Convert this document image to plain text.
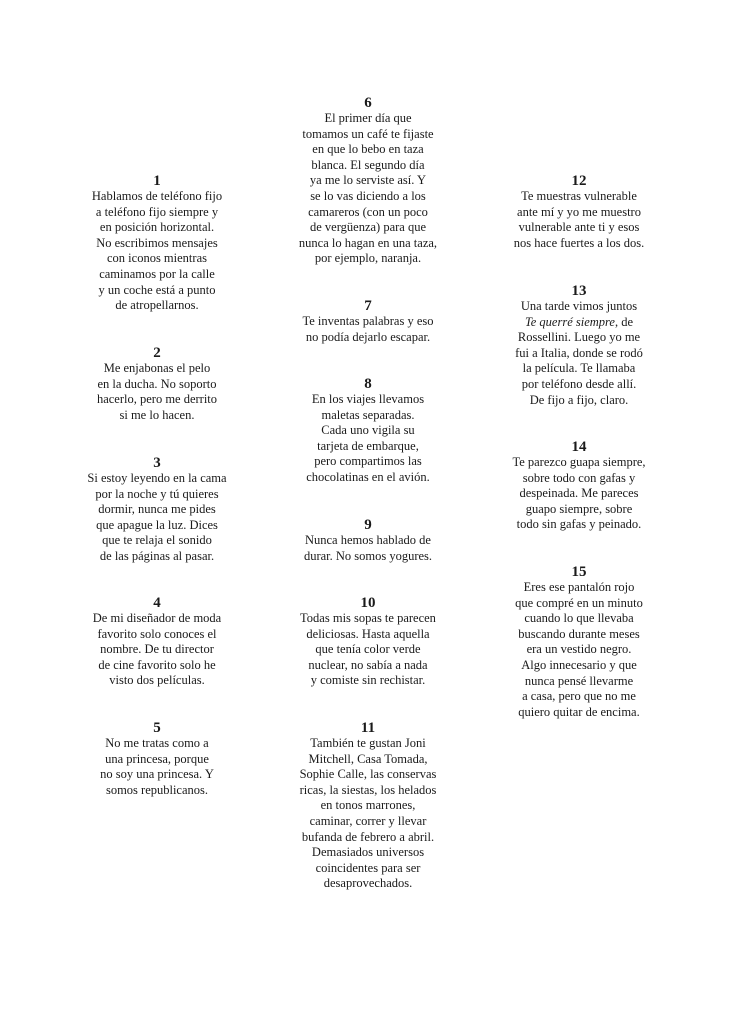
1
Hablamos de teléfono fijo
a teléfono fijo siempre y
en posición horizontal.
No escribimos mensajes
con iconos mientras
caminamos por la calle
y un coche está a punto
de atropellarnos.
2
Me enjabonas el pelo
en la ducha. No soporto
hacerlo, pero me derrito
si me lo hacen.
3
Si estoy leyendo en la cama
por la noche y tú quieres
dormir, nunca me pides
que apague la luz. Dices
que te relaja el sonido
de las páginas al pasar.
4
De mi diseñador de moda
favorito solo conoces el
nombre. De tu director
de cine favorito solo he
visto dos películas.
5
No me tratas como a
una princesa, porque
no soy una princesa. Y
somos republicanos.
6
El primer día que
tomamos un café te fijaste
en que lo bebo en taza
blanca. El segundo día
ya me lo serviste así. Y
se lo vas diciendo a los
camareros (con un poco
de vergüenza) para que
nunca lo hagan en una taza,
por ejemplo, naranja.
7
Te inventas palabras y eso
no podía dejarlo escapar.
8
En los viajes llevamos
maletas separadas.
Cada uno vigila su
tarjeta de embarque,
pero compartimos las
chocolatinas en el avión.
9
Nunca hemos hablado de
durar. No somos yogures.
10
Todas mis sopas te parecen
deliciosas. Hasta aquella
que tenía color verde
nuclear, no sabía a nada
y comiste sin rechistar.
11
También te gustan Joni
Mitchell, Casa Tomada,
Sophie Calle, las conservas
ricas, la siestas, los helados
en tonos marrones,
caminar, correr y llevar
bufanda de febrero a abril.
Demasiados universos
coincidentes para ser
desaprovechados.
12
Te muestras vulnerable
ante mí y yo me muestro
vulnerable ante ti y esos
nos hace fuertes a los dos.
13
Una tarde vimos juntos
Te querré siempre, de
Rossellini. Luego yo me
fui a Italia, donde se rodó
la película. Te llamaba
por teléfono desde allí.
De fijo a fijo, claro.
14
Te parezco guapa siempre,
sobre todo con gafas y
despeinada. Me pareces
guapo siempre, sobre
todo sin gafas y peinado.
15
Eres ese pantalón rojo
que compré en un minuto
cuando lo que llevaba
buscando durante meses
era un vestido negro.
Algo innecesario y que
nunca pensé llevarme
a casa, pero que no me
quiero quitar de encima.
